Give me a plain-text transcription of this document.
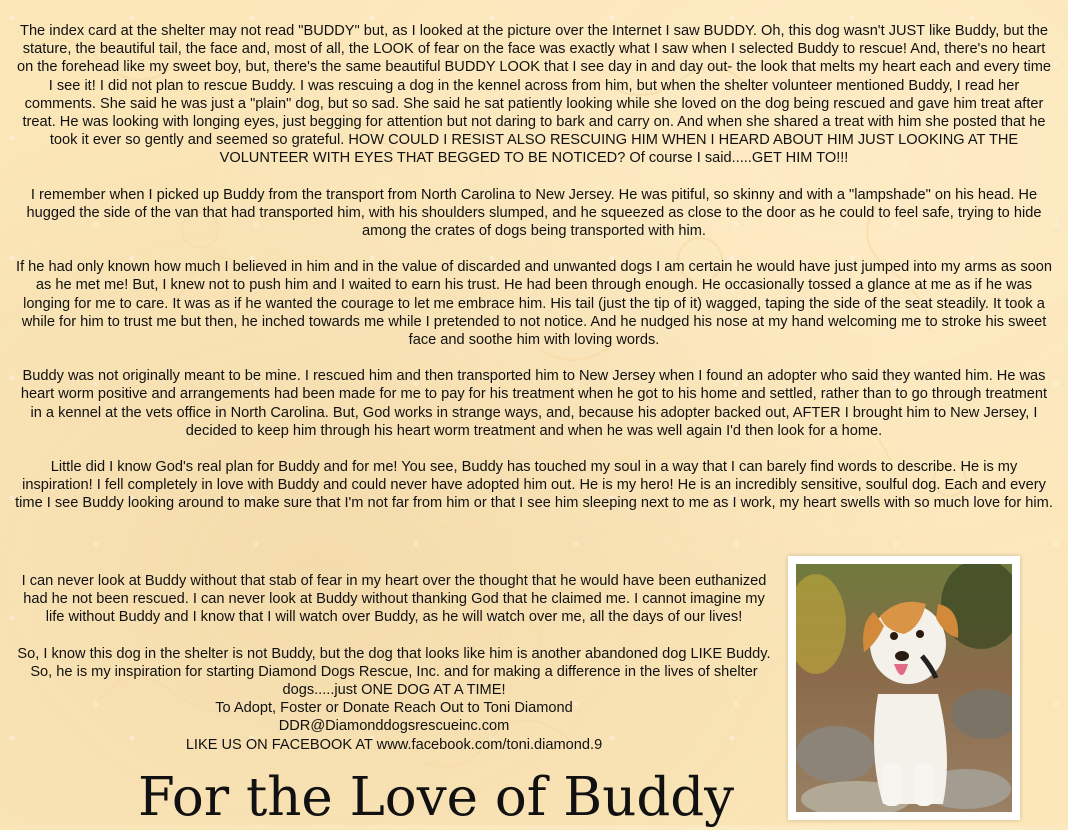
The index card at the shelter may not read "BUDDY" but, as I looked at the picture over the Internet I saw BUDDY. Oh, this dog wasn't JUST like Buddy, but the stature, the beautiful tail, the face and, most of all, the LOOK of fear on the face was exactly what I saw when I selected Buddy to rescue! And, there's no heart on the forehead like my sweet boy, but, there's the same beautiful BUDDY LOOK that I see day in and day out- the look that melts my heart each and every time I see it! I did not plan to rescue Buddy. I was rescuing a dog in the kennel across from him, but when the shelter volunteer mentioned Buddy, I read her comments. She said he was just a "plain" dog, but so sad. She said he sat patiently looking while she loved on the dog being rescued and gave him treat after treat. He was looking with longing eyes, just begging for attention but not daring to bark and carry on. And when she shared a treat with him she posted that he took it ever so gently and seemed so grateful. HOW COULD I RESIST ALSO RESCUING HIM WHEN I HEARD ABOUT HIM JUST LOOKING AT THE VOLUNTEER WITH EYES THAT BEGGED TO BE NOTICED? Of course I said.....GET HIM TO!!!

I remember when I picked up Buddy from the transport from North Carolina to New Jersey. He was pitiful, so skinny and with a "lampshade" on his head. He hugged the side of the van that had transported him, with his shoulders slumped, and he squeezed as close to the door as he could to feel safe, trying to hide among the crates of dogs being transported with him.

If he had only known how much I believed in him and in the value of discarded and unwanted dogs I am certain he would have just jumped into my arms as soon as he met me! But, I knew not to push him and I waited to earn his trust. He had been through enough. He occasionally tossed a glance at me as if he was longing for me to care. It was as if he wanted the courage to let me embrace him. His tail (just the tip of it) wagged, taping the side of the seat steadily. It took a while for him to trust me but then, he inched towards me while I pretended to not notice. And he nudged his nose at my hand welcoming me to stroke his sweet face and soothe him with loving words.

Buddy was not originally meant to be mine. I rescued him and then transported him to New Jersey when I found an adopter who said they wanted him. He was heart worm positive and arrangements had been made for me to pay for his treatment when he got to his home and settled, rather than to go through treatment in a kennel at the vets office in North Carolina. But, God works in strange ways, and, because his adopter backed out, AFTER I brought him to New Jersey, I decided to keep him through his heart worm treatment and when he was well again I'd then look for a home.

Little did I know God's real plan for Buddy and for me! You see, Buddy has touched my soul in a way that I can barely find words to describe. He is my inspiration! I fell completely in love with Buddy and could never have adopted him out. He is my hero! He is an incredibly sensitive, soulful dog. Each and every time I see Buddy looking around to make sure that I'm not far from him or that I see him sleeping next to me as I work, my heart swells with so much love for him.

I can never look at Buddy without that stab of fear in my heart over the thought that he would have been euthanized had he not been rescued. I can never look at Buddy without thanking God that he claimed me. I cannot imagine my life without Buddy and I know that I will watch over Buddy, as he will watch over me, all the days of our lives!

So, I know this dog in the shelter is not Buddy, but the dog that looks like him is another abandoned dog LIKE Buddy. So, he is my inspiration for starting Diamond Dogs Rescue, Inc. and for making a difference in the lives of shelter dogs.....just ONE DOG AT A TIME!

To Adopt, Foster or Donate Reach Out to Toni Diamond
DDR@Diamonddogsrescueinc.com
LIKE US ON FACEBOOK AT www.facebook.com/toni.diamond.9
For the Love of Buddy
